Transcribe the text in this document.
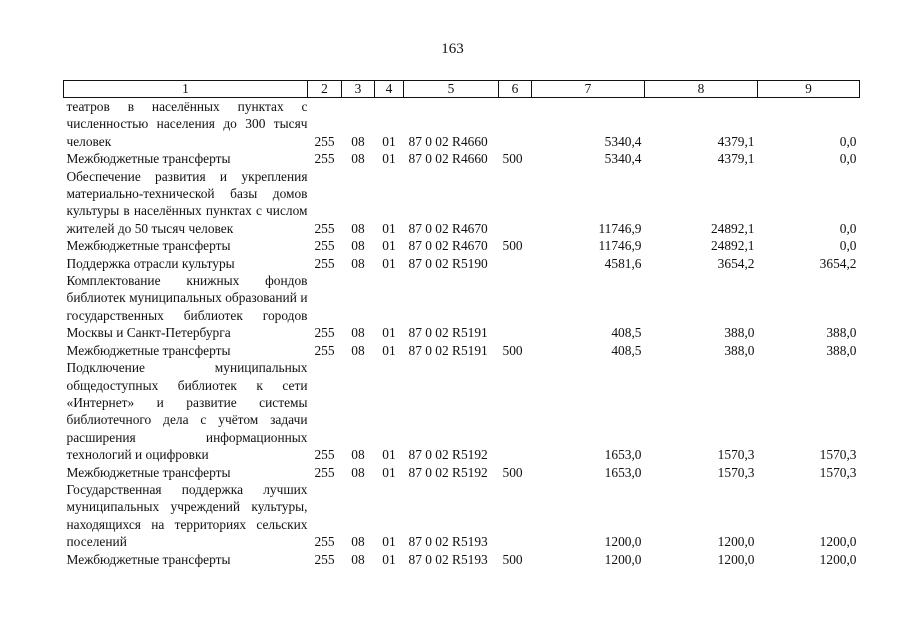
163
1	2	3	4	5	6	7	8	9
театров в населённых пунктах с численностью населения до 300 тысяч человек	255	08	01	87 0 02 R4660		5340,4	4379,1	0,0
Межбюджетные трансферты	255	08	01	87 0 02 R4660	500	5340,4	4379,1	0,0
Обеспечение развития и укрепления материально-технической базы домов культуры в населённых пунктах с числом жителей до 50 тысяч человек	255	08	01	87 0 02 R4670		11746,9	24892,1	0,0
Межбюджетные трансферты	255	08	01	87 0 02 R4670	500	11746,9	24892,1	0,0
Поддержка отрасли культуры	255	08	01	87 0 02 R5190		4581,6	3654,2	3654,2
Комплектование книжных фондов библиотек муниципальных образований и государственных библиотек городов Москвы и Санкт-Петербурга	255	08	01	87 0 02 R5191		408,5	388,0	388,0
Межбюджетные трансферты	255	08	01	87 0 02 R5191	500	408,5	388,0	388,0
Подключение муниципальных общедоступных библиотек к сети «Интернет» и развитие системы библиотечного дела с учётом задачи расширения информационных технологий и оцифровки	255	08	01	87 0 02 R5192		1653,0	1570,3	1570,3
Межбюджетные трансферты	255	08	01	87 0 02 R5192	500	1653,0	1570,3	1570,3
Государственная поддержка лучших муниципальных учреждений культуры, находящихся на территориях сельских поселений	255	08	01	87 0 02 R5193		1200,0	1200,0	1200,0
Межбюджетные трансферты	255	08	01	87 0 02 R5193	500	1200,0	1200,0	1200,0
